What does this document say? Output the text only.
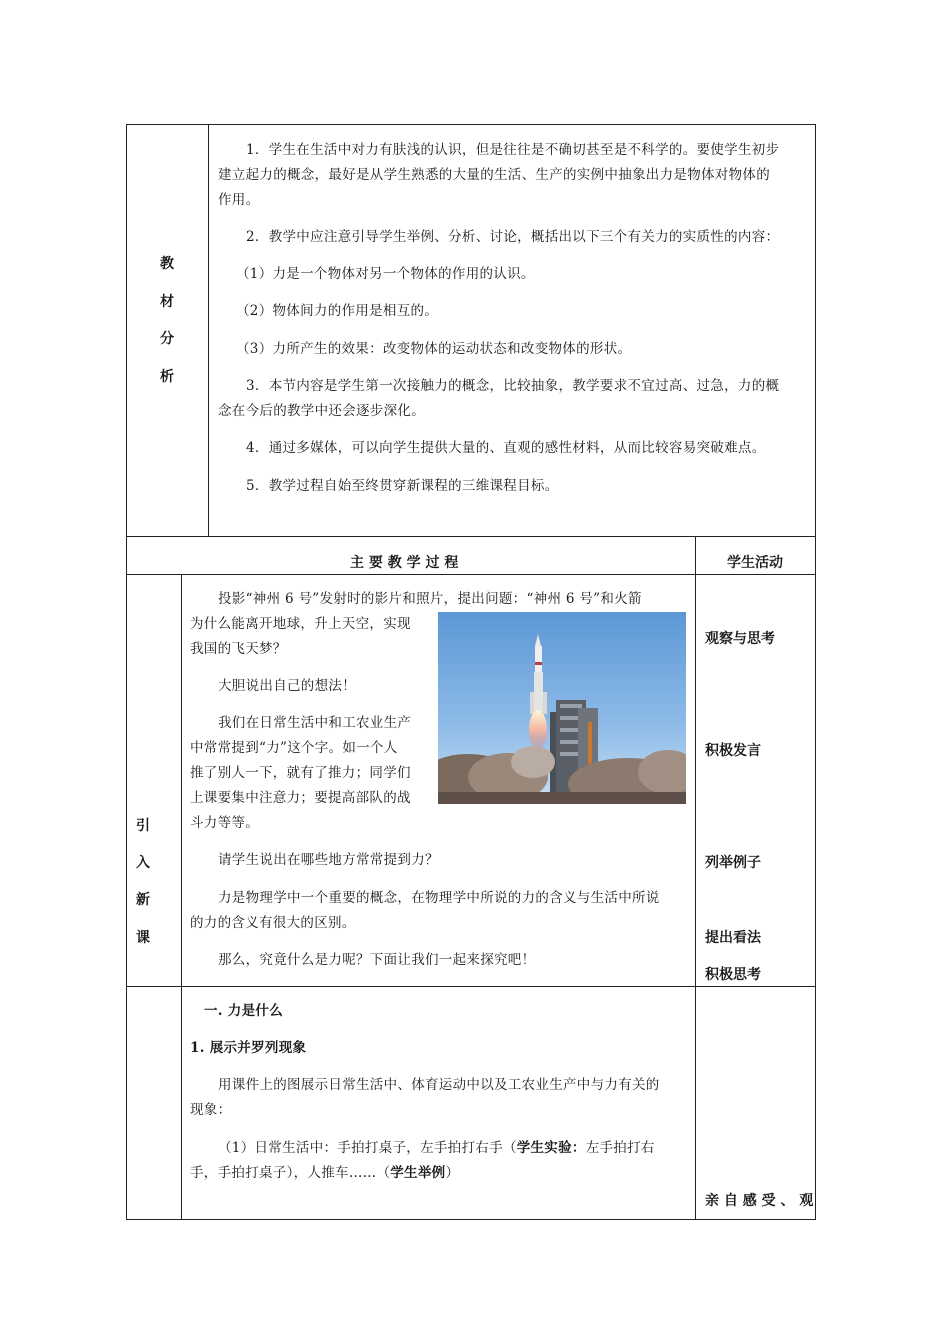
教
材
分
析

1．学生在生活中对力有肤浅的认识，但是往往是不确切甚至是不科学的。要使学生初步

建立起力的概念，最好是从学生熟悉的大量的生活、生产的实例中抽象出力是物体对物体的

作用。

2．教学中应注意引导学生举例、分析、讨论，概括出以下三个有关力的实质性的内容：

（1）力是一个物体对另一个物体的作用的认识。

（2）物体间力的作用是相互的。

（3）力所产生的效果：改变物体的运动状态和改变物体的形状。

3．本节内容是学生第一次接触力的概念，比较抽象，教学要求不宜过高、过急，力的概

念在今后的教学中还会逐步深化。

4．通过多媒体，可以向学生提供大量的、直观的感性材料，从而比较容易突破难点。

5．教学过程自始至终贯穿新课程的三维课程目标。

主 要 教 学 过 程	学生活动
引
入
新
课

投影“神州 6 号”发射时的影片和照片，提出问题：“神州 6 号”和火箭

为什么能离开地球，升上天空，实现

我国的飞天梦？

大胆说出自己的想法！

我们在日常生活中和工农业生产

中常常提到“力”这个字。如一个人

推了别人一下，就有了推力；同学们

上课要集中注意力；要提高部队的战

斗力等等。

请学生说出在哪些地方常常提到力？

力是物理学中一个重要的概念，在物理学中所说的力的含义与生活中所说

的力的含义有很大的区别。

那么，究竟什么是力呢？下面让我们一起来探究吧！

观察与思考
积极发言
列举例子
提出看法
积极思考

一. 力是什么

1. 展示并罗列现象

用课件上的图展示日常生活中、体育运动中以及工农业生产中与力有关的

现象：

（1）日常生活中：手拍打桌子，左手拍打右手（学生实验：左手拍打右

手，手拍打桌子），人推车……（学生举例）

亲 自 感 受 、 观
